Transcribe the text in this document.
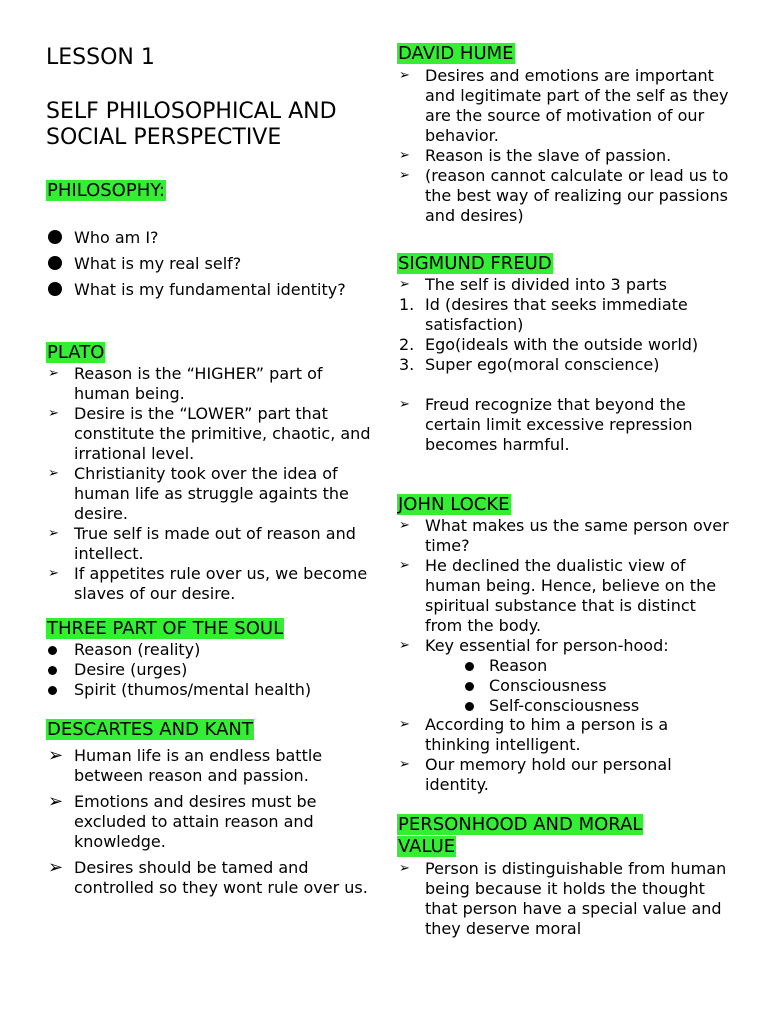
LESSON 1
SELF PHILOSOPHICAL AND
SOCIAL PERSPECTIVE
PHILOSOPHY:
Who am I?
What is my real self?
What is my fundamental identity?
PLATO
➢ Reason is the “HIGHER” part of human being.
➢ Desire is the “LOWER” part that constitute the primitive, chaotic, and irrational level.
➢ Christianity took over the idea of human life as struggle againts the desire.
➢ True self is made out of reason and intellect.
➢ If appetites rule over us, we become slaves of our desire.
THREE PART OF THE SOUL
Reason (reality)
Desire (urges)
Spirit (thumos/mental health)
DESCARTES AND KANT
➢ Human life is an endless battle between reason and passion.
➢ Emotions and desires must be excluded to attain reason and knowledge.
➢ Desires should be tamed and controlled so they wont rule over us.
DAVID HUME
➢ Desires and emotions are important and legitimate part of the self as they are the source of motivation of our behavior.
➢ Reason is the slave of passion.
➢ (reason cannot calculate or lead us to the best way of realizing our passions and desires)
SIGMUND FREUD
➢ The self is divided into 3 parts
1. Id (desires that seeks immediate satisfaction)
2. Ego(ideals with the outside world)
3. Super ego(moral conscience)
➢ Freud recognize that beyond the certain limit excessive repression becomes harmful.
JOHN LOCKE
➢ What makes us the same person over time?
➢ He declined the dualistic view of human being. Hence, believe on the spiritual substance that is distinct from the body.
➢ Key essential for person-hood:
Reason
Consciousness
Self-consciousness
➢ According to him a person is a thinking intelligent.
➢ Our memory hold our personal identity.
PERSONHOOD AND MORAL
VALUE
➢ Person is distinguishable from human being because it holds the thought that person have a special value and they deserve moral
